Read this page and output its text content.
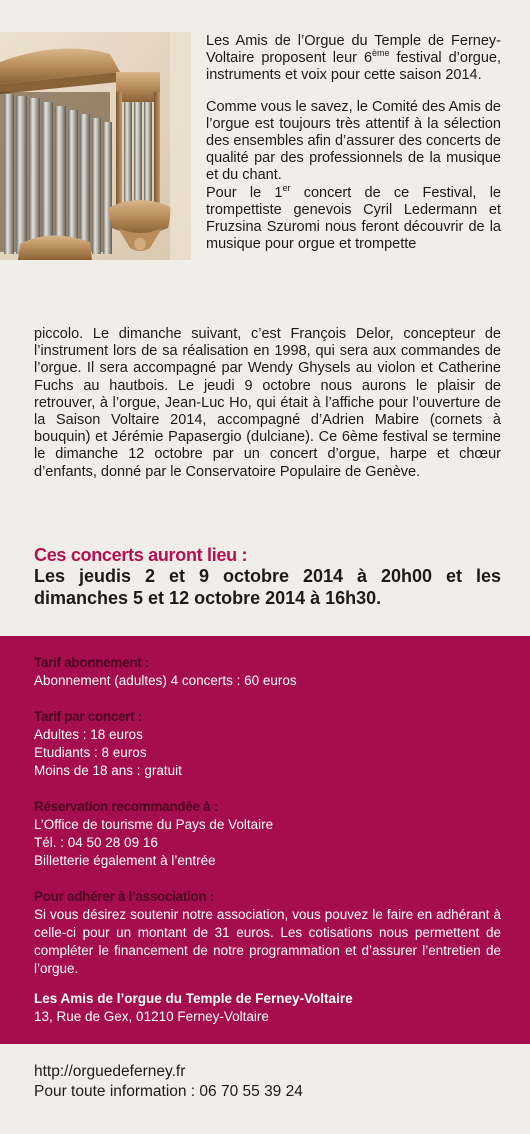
Les Amis de l’Orgue du Temple de Ferney-Voltaire proposent leur 6ème festival d’orgue, instruments et voix pour cette saison 2014.

Comme vous le savez, le Comité des Amis de l’orgue est toujours très attentif à la sélection des ensembles afin d’assurer des concerts de qualité par des professionnels de la musique et du chant.

Pour le 1er concert de ce Festival, le trompettiste genevois Cyril Ledermann et Fruzsina Szuromi nous feront découvrir de la musique pour orgue et trompette

piccolo. Le dimanche suivant, c’est François Delor, concepteur de l’instrument lors de sa réalisation en 1998, qui sera aux commandes de l’orgue. Il sera accompagné par Wendy Ghysels au violon et Catherine Fuchs au hautbois. Le jeudi 9 octobre nous aurons le plaisir de retrouver, à l’orgue, Jean-Luc Ho, qui était à l’affiche pour l’ouverture de la Saison Voltaire 2014, accompagné d’Adrien Mabire (cornets à bouquin) et Jérémie Papasergio (dulciane). Ce 6ème festival se termine le dimanche 12 octobre par un concert d’orgue, harpe et chœur d’enfants, donné par le Conservatoire Populaire de Genève.
Ces concerts auront lieu :
Les jeudis 2 et 9 octobre 2014 à 20h00 et les dimanches 5 et 12 octobre 2014 à 16h30.
Tarif abonnement :
Abonnement (adultes) 4 concerts : 60 euros
Tarif par concert :
Adultes : 18 euros
Etudiants : 8 euros
Moins de 18 ans : gratuit
Réservation recommandée à :
L’Office de tourisme du Pays de Voltaire
Tél. : 04 50 28 09 16
Billetterie également à l’entrée
Pour adhérer à l’association :
Si vous désirez soutenir notre association, vous pouvez le faire en adhérant à celle-ci pour un montant de 31 euros. Les cotisations nous permettent de compléter le financement de notre programmation et d’assurer l’entretien de l’orgue.
Les Amis de l’orgue du Temple de Ferney-Voltaire
13, Rue de Gex, 01210 Ferney-Voltaire
http://orguedeferney.fr
Pour toute information : 06 70 55 39 24
